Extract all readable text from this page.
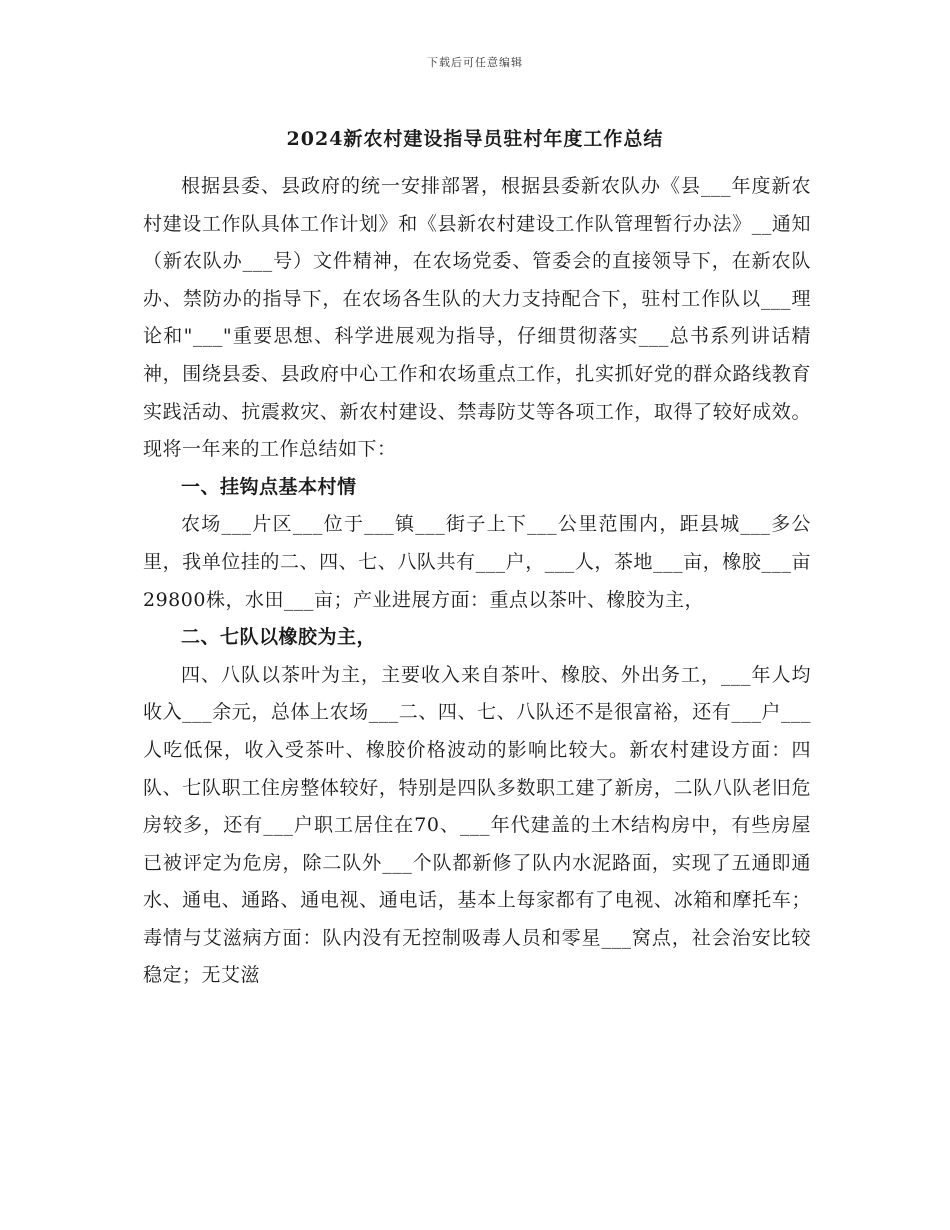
下载后可任意编辑
2024新农村建设指导员驻村年度工作总结

根据县委、县政府的统一安排部署，根据县委新农队办《县___年度新农村建设工作队具体工作计划》和《县新农村建设工作队管理暂行办法》__通知（新农队办___号）文件精神，在农场党委、管委会的直接领导下，在新农队办、禁防办的指导下，在农场各生队的大力支持配合下，驻村工作队以___理论和"___"重要思想、科学进展观为指导，仔细贯彻落实___总书系列讲话精神，围绕县委、县政府中心工作和农场重点工作，扎实抓好党的群众路线教育实践活动、抗震救灾、新农村建设、禁毒防艾等各项工作，取得了较好成效。现将一年来的工作总结如下：

一、挂钩点基本村情

农场___片区___位于___镇___街子上下___公里范围内，距县城___多公里，我单位挂的二、四、七、八队共有___户，___人，茶地___亩，橡胶___亩29800株，水田___亩；产业进展方面：重点以茶叶、橡胶为主，

二、七队以橡胶为主，

四、八队以茶叶为主，主要收入来自茶叶、橡胶、外出务工，___年人均收入___余元，总体上农场___二、四、七、八队还不是很富裕，还有___户___人吃低保，收入受茶叶、橡胶价格波动的影响比较大。新农村建设方面：四队、七队职工住房整体较好，特别是四队多数职工建了新房，二队八队老旧危房较多，还有___户职工居住在70、___年代建盖的土木结构房中，有些房屋已被评定为危房，除二队外___个队都新修了队内水泥路面，实现了五通即通水、通电、通路、通电视、通电话，基本上每家都有了电视、冰箱和摩托车；毒情与艾滋病方面：队内没有无控制吸毒人员和零星___窝点，社会治安比较稳定；无艾滋
